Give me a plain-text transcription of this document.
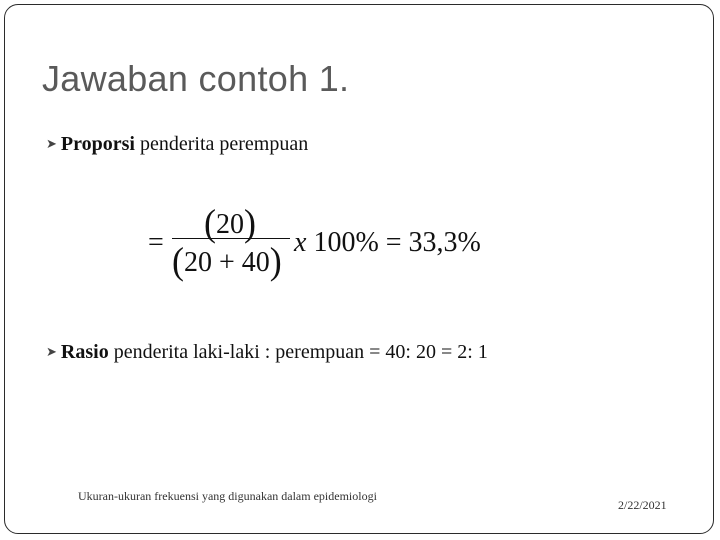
Jawaban contoh 1.
➤ Proporsi penderita perempuan
= (20)
(20 + 40) x 100% = 33,3%
➤ Rasio penderita laki-laki : perempuan = 40: 20 = 2: 1
Ukuran-ukuran frekuensi yang digunakan dalam epidemiologi
2/22/2021
